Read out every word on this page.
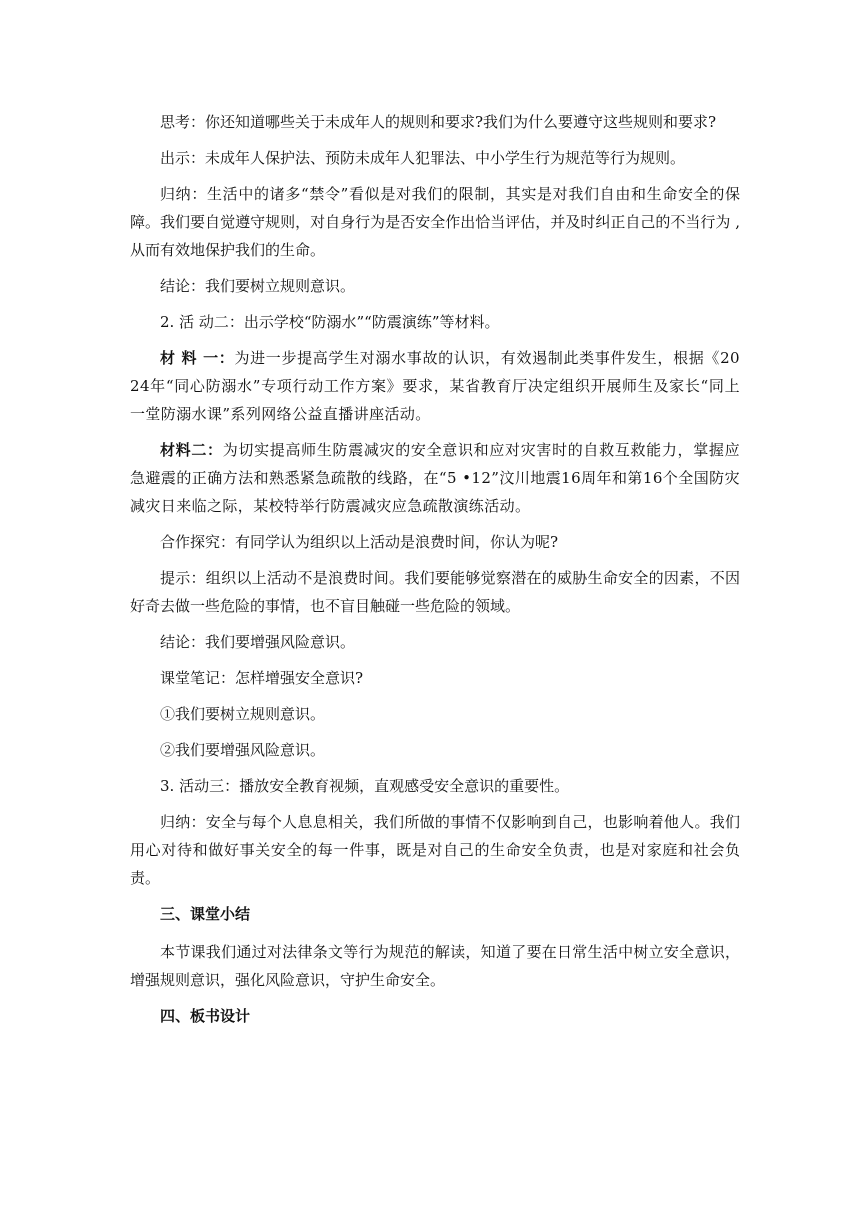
思考：你还知道哪些关于未成年人的规则和要求?我们为什么要遵守这些规则和要求?

出示：未成年人保护法、预防未成年人犯罪法、中小学生行为规范等行为规则。

归纳：生活中的诸多“禁令”看似是对我们的限制，其实是对我们自由和生命安全的保障。我们要自觉遵守规则，对自身行为是否安全作出恰当评估，并及时纠正自己的不当行为 ,从而有效地保护我们的生命。

结论：我们要树立规则意识。

2. 活 动二：出示学校“防溺水”“防震演练”等材料。

材 料 一：为进一步提高学生对溺水事故的认识，有效遏制此类事件发生，根据《2024年“同心防溺水”专项行动工作方案》要求，某省教育厅决定组织开展师生及家长“同上一堂防溺水课”系列网络公益直播讲座活动。

材料二：为切实提高师生防震减灾的安全意识和应对灾害时的自救互救能力，掌握应急避震的正确方法和熟悉紧急疏散的线路，在“5 •12”汶川地震16周年和第16个全国防灾减灾日来临之际，某校特举行防震减灾应急疏散演练活动。

合作探究：有同学认为组织以上活动是浪费时间，你认为呢?

提示：组织以上活动不是浪费时间。我们要能够觉察潜在的威胁生命安全的因素，不因好奇去做一些危险的事情，也不盲目触碰一些危险的领域。

结论：我们要增强风险意识。

课堂笔记：怎样增强安全意识?

①我们要树立规则意识。

②我们要增强风险意识。

3. 活动三：播放安全教育视频，直观感受安全意识的重要性。

归纳：安全与每个人息息相关，我们所做的事情不仅影响到自己，也影响着他人。我们用心对待和做好事关安全的每一件事，既是对自己的生命安全负责，也是对家庭和社会负责。

三、课堂小结

本节课我们通过对法律条文等行为规范的解读，知道了要在日常生活中树立安全意识，增强规则意识，强化风险意识，守护生命安全。

四、板书设计
